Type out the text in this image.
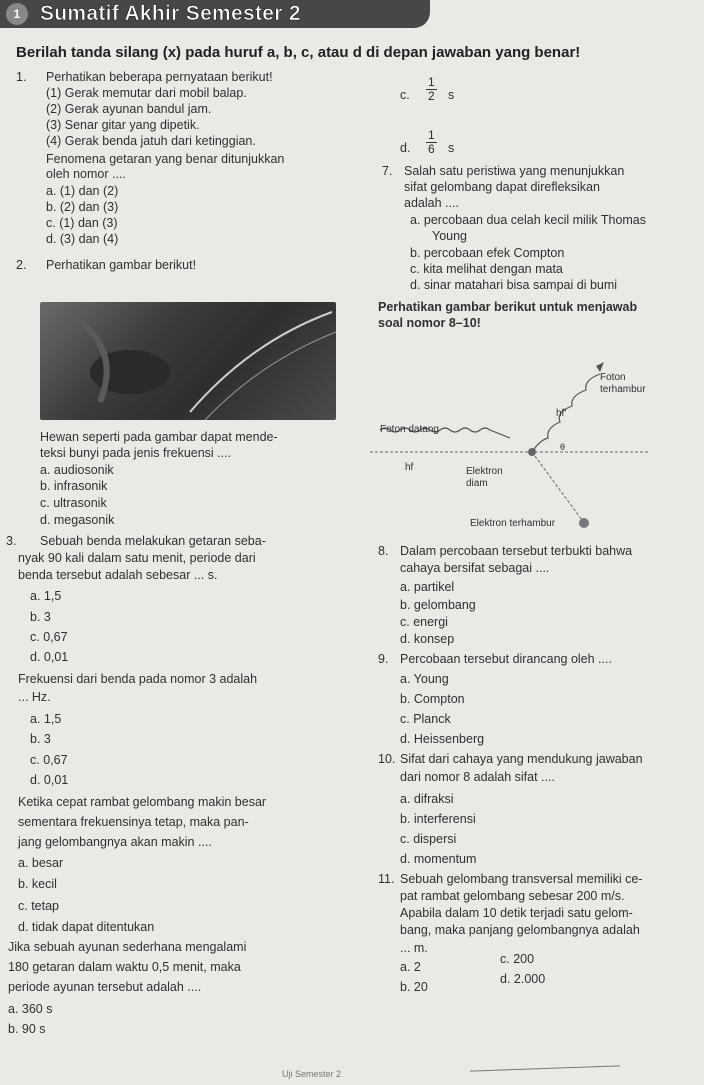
1 Sumatif Akhir Semester 2
Berilah tanda silang (x) pada huruf a, b, c, atau d di depan jawaban yang benar!
1. Perhatikan beberapa pernyataan berikut!
(1) Gerak memutar dari mobil balap.
(2) Gerak ayunan bandul jam.
(3) Senar gitar yang dipetik.
(4) Gerak benda jatuh dari ketinggian.
Fenomena getaran yang benar ditunjukkan
oleh nomor ....
a. (1) dan (2)
b. (2) dan (3)
c. (1) dan (3)
d. (3) dan (4)
2. Perhatikan gambar berikut!
Hewan seperti pada gambar dapat mende-
teksi bunyi pada jenis frekuensi ....
a. audiosonik
b. infrasonik
c. ultrasonik
d. megasonik
3. Sebuah benda melakukan getaran seba-
nyak 90 kali dalam satu menit, periode dari
benda tersebut adalah sebesar ... s.
a. 1,5
b. 3
c. 0,67
d. 0,01
Frekuensi dari benda pada nomor 3 adalah
... Hz.
a. 1,5
b. 3
c. 0,67
d. 0,01
Ketika cepat rambat gelombang makin besar
sementara frekuensinya tetap, maka pan-
jang gelombangnya akan makin ....
a. besar
b. kecil
c. tetap
d. tidak dapat ditentukan
Jika sebuah ayunan sederhana mengalami
180 getaran dalam waktu 0,5 menit, maka
periode ayunan tersebut adalah ....
a. 360 s
b. 90 s
c. $\frac{1}{2}$ s
d. $\frac{1}{6}$ s
7. Salah satu peristiwa yang menunjukkan
sifat gelombang dapat direfleksikan
adalah ....
a. percobaan dua celah kecil milik Thomas
Young
b. percobaan efek Compton
c. kita melihat dengan mata
d. sinar matahari bisa sampai di bumi
Perhatikan gambar berikut untuk menjawab
soal nomor 8–10!
Foton
terhambur
hf'
Foton datang
θ
hf	Elektron
diam
Elektron terhambur
8. Dalam percobaan tersebut terbukti bahwa
cahaya bersifat sebagai ....
a. partikel
b. gelombang
c. energi
d. konsep
9. Percobaan tersebut dirancang oleh ....
a. Young
b. Compton
c. Planck
d. Heissenberg
10. Sifat dari cahaya yang mendukung jawaban
dari nomor 8 adalah sifat ....
a. difraksi
b. interferensi
c. dispersi
d. momentum
11. Sebuah gelombang transversal memiliki ce-
pat rambat gelombang sebesar 200 m/s.
Apabila dalam 10 detik terjadi satu gelom-
bang, maka panjang gelombangnya adalah
... m.
a. 2
b. 20
c. 200
d. 2.000
Uji Semester 2
